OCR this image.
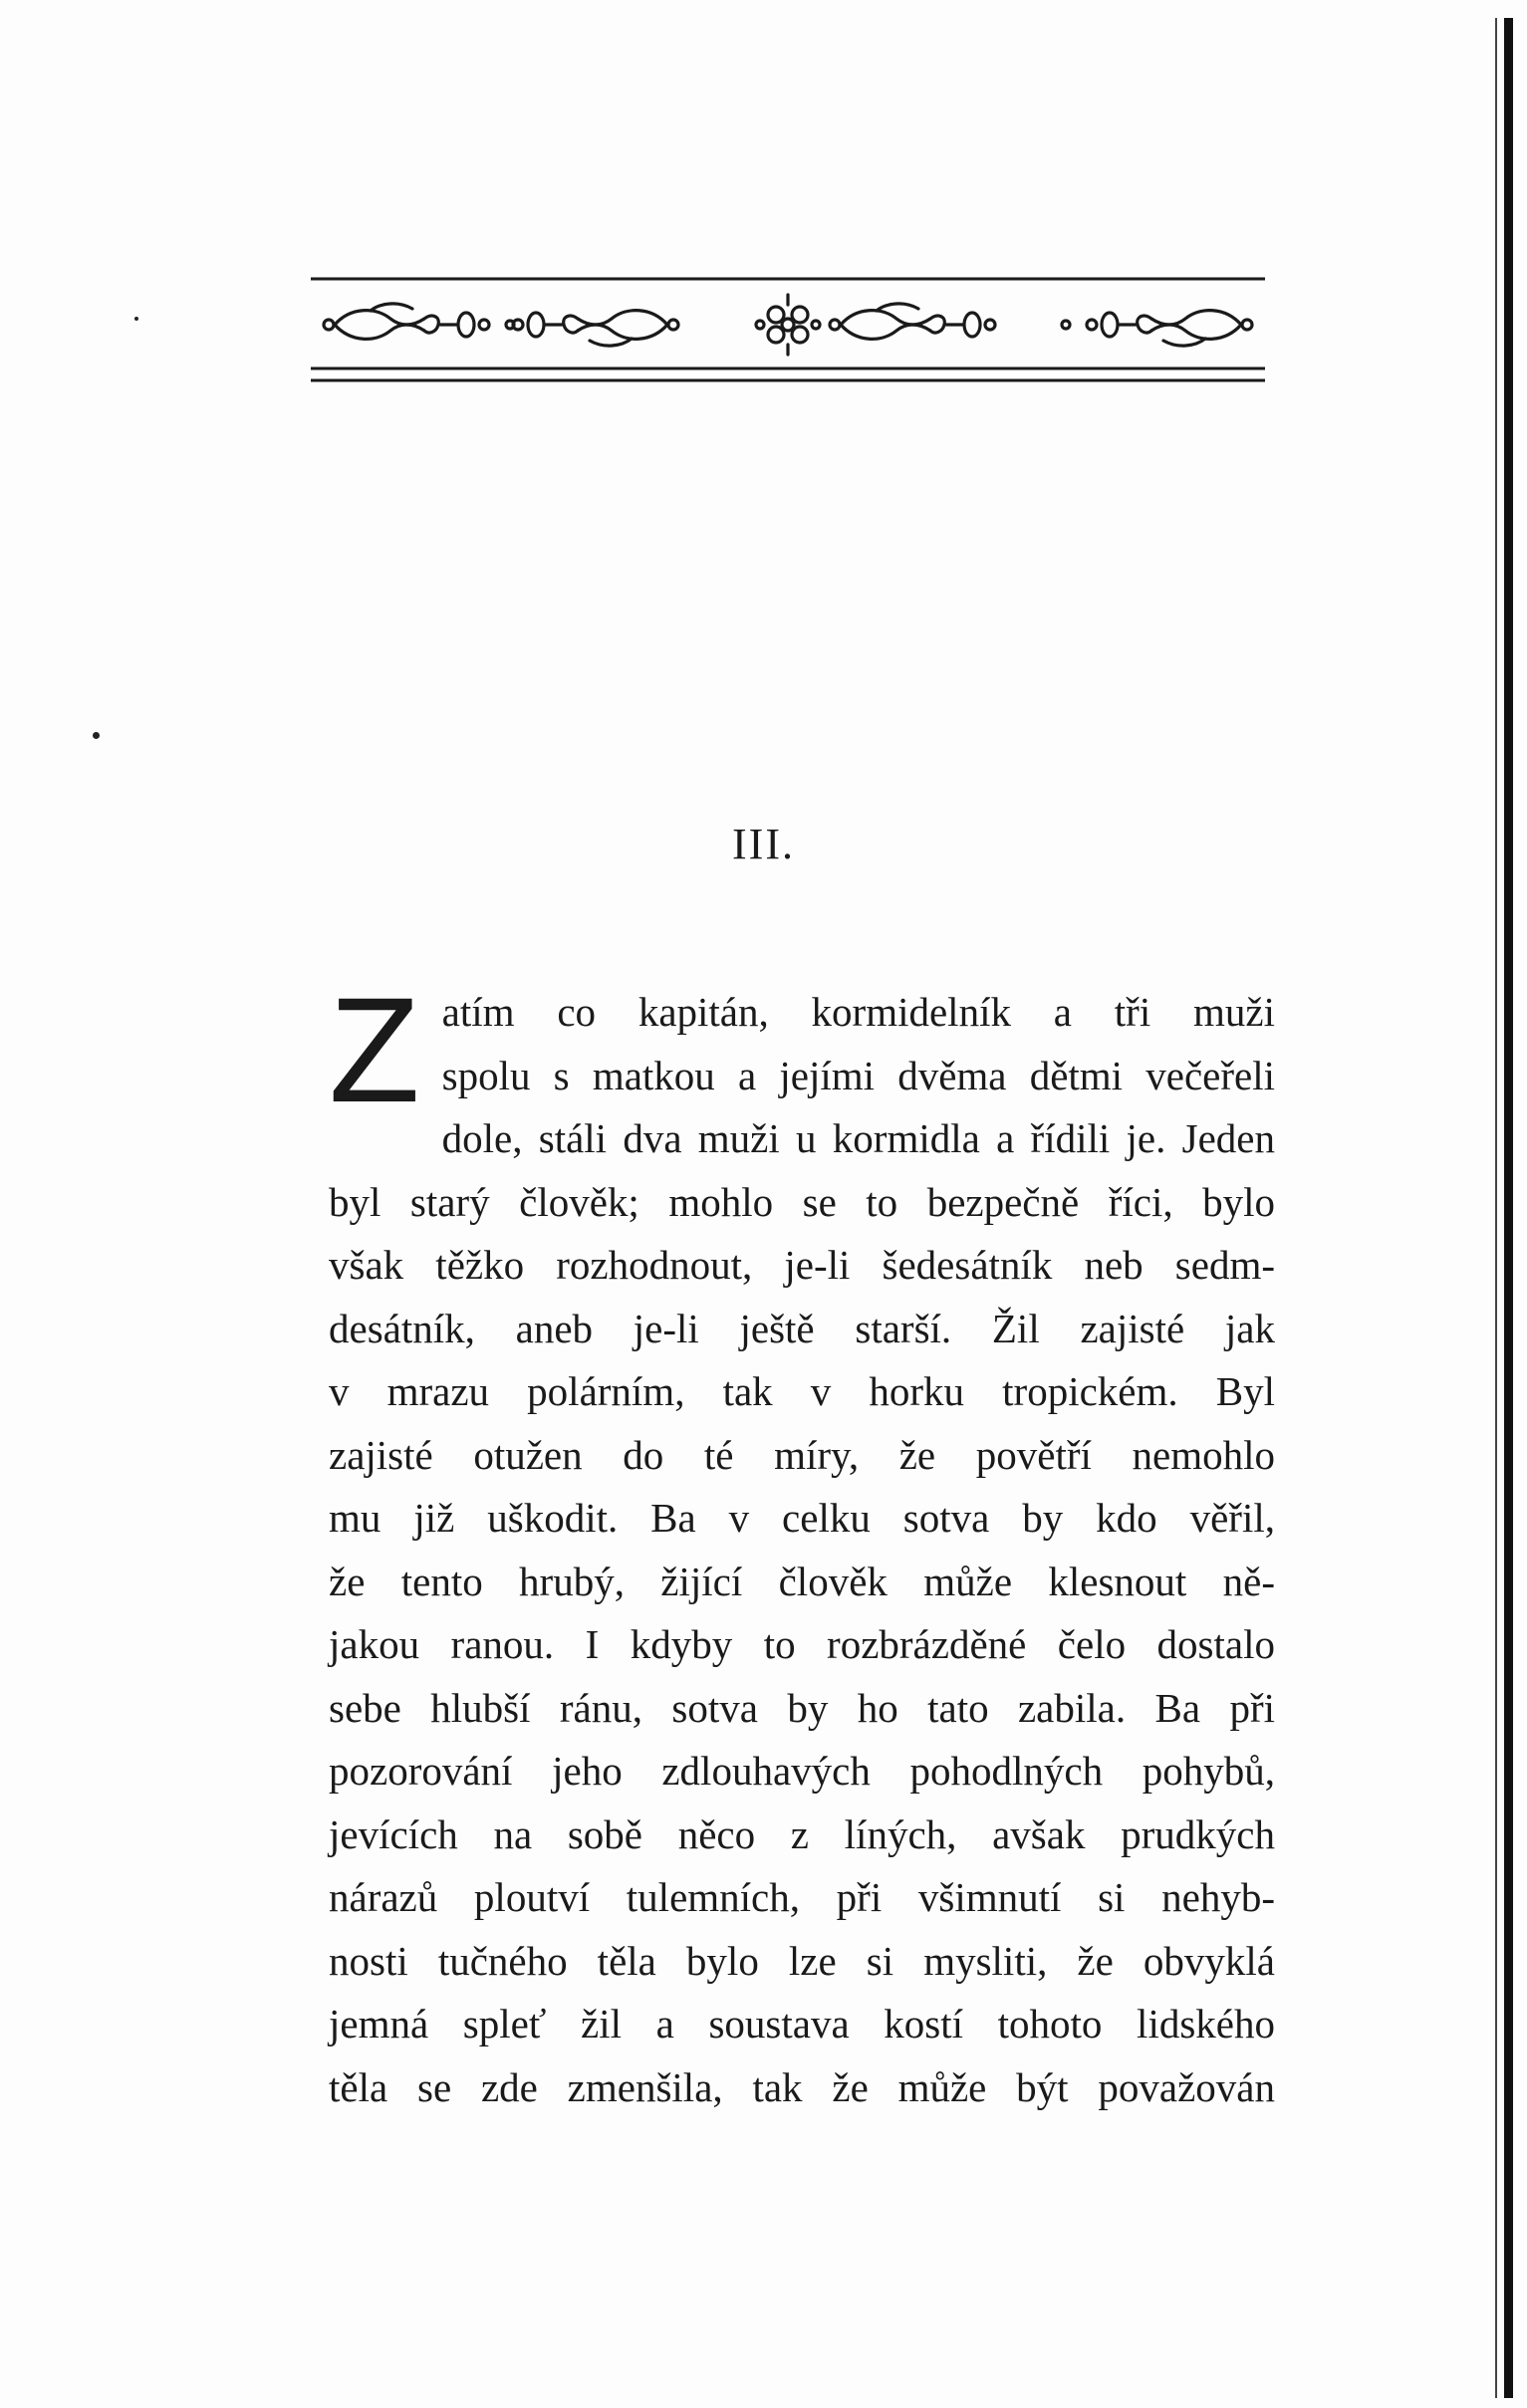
III.
Z atím co kapitán, kormidelník a tři muži
spolu s matkou a jejími dvěma dětmi večeřeli
dole, stáli dva muži u kormidla a řídili je. Jeden
byl starý člověk; mohlo se to bezpečně říci, bylo
však těžko rozhodnout, je-li šedesátník neb sedm-
desátník, aneb je-li ještě starší. Žil zajisté jak
v mrazu polárním, tak v horku tropickém. Byl
zajisté otužen do té míry, že povětří nemohlo
mu již uškodit. Ba v celku sotva by kdo věřil,
že tento hrubý, žijící člověk může klesnout ně-
jakou ranou. I kdyby to rozbrázděné čelo dostalo
sebe hlubší ránu, sotva by ho tato zabila. Ba při
pozorování jeho zdlouhavých pohodlných pohybů,
jevících na sobě něco z líných, avšak prudkých
nárazů ploutví tulemních, při všimnutí si nehyb-
nosti tučného těla bylo lze si mysliti, že obvyklá
jemná spleť žil a soustava kostí tohoto lidského
těla se zde zmenšila, tak že může být považován
